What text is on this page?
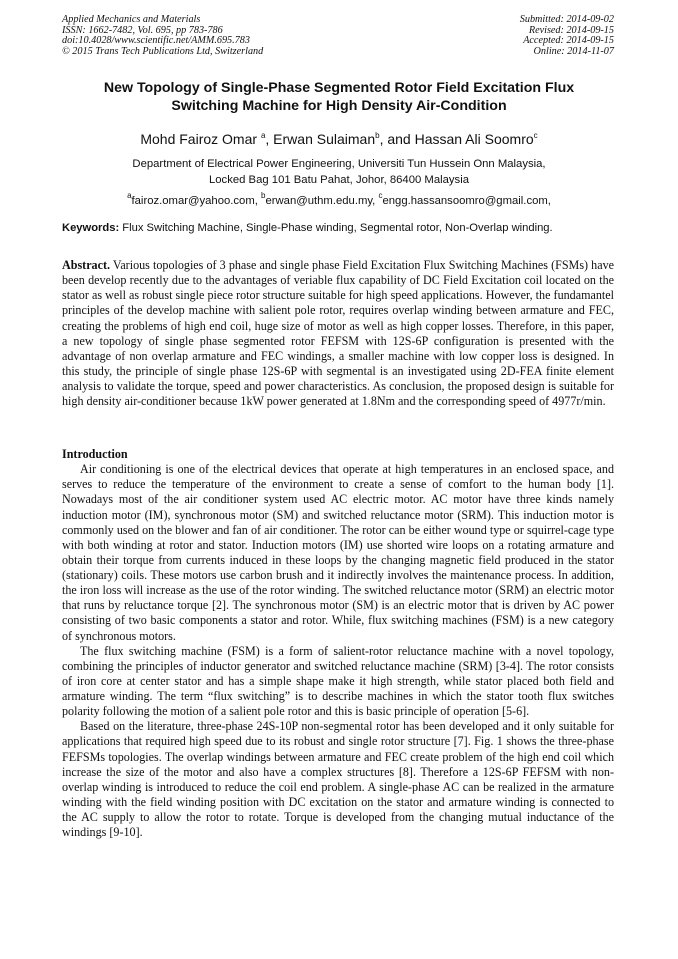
Applied Mechanics and Materials
ISSN: 1662-7482, Vol. 695, pp 783-786
doi:10.4028/www.scientific.net/AMM.695.783
© 2015 Trans Tech Publications Ltd, Switzerland
Submitted: 2014-09-02
Revised: 2014-09-15
Accepted: 2014-09-15
Online: 2014-11-07
New Topology of Single-Phase Segmented Rotor Field Excitation Flux
Switching Machine for High Density Air-Condition
Mohd Fairoz Omar $^a$, Erwan Sulaiman$^b$, and Hassan Ali Soomro$^c$
Department of Electrical Power Engineering, Universiti Tun Hussein Onn Malaysia,
Locked Bag 101 Batu Pahat, Johor, 86400 Malaysia
$^a$fairoz.omar@yahoo.com, $^b$erwan@uthm.edu.my, $^c$engg.hassansoomro@gmail.com,
Keywords: Flux Switching Machine, Single-Phase winding, Segmental rotor, Non-Overlap winding.
Abstract. Various topologies of 3 phase and single phase Field Excitation Flux Switching Machines (FSMs) have been develop recently due to the advantages of veriable flux capability of DC Field Excitation coil located on the stator as well as robust single piece rotor structure suitable for high speed applications. However, the fundamantel principles of the develop machine with salient pole rotor, requires overlap winding between armature and FEC, creating the problems of high end coil, huge size of motor as well as high copper losses. Therefore, in this paper, a new topology of single phase segmented rotor FEFSM with 12S-6P configuration is presented with the advantage of non overlap armature and FEC windings, a smaller machine with low copper loss is designed. In this study, the principle of single phase 12S-6P with segmental is an investigated using 2D-FEA finite element analysis to validate the torque, speed and power characteristics. As conclusion, the proposed design is suitable for high density air-conditioner because 1kW power generated at 1.8Nm and the corresponding speed of 4977r/min.
Introduction

Air conditioning is one of the electrical devices that operate at high temperatures in an enclosed space, and serves to reduce the temperature of the environment to create a sense of comfort to the human body [1]. Nowadays most of the air conditioner system used AC electric motor. AC motor have three kinds namely induction motor (IM), synchronous motor (SM) and switched reluctance motor (SRM). This induction motor is commonly used on the blower and fan of air conditioner. The rotor can be either wound type or squirrel-cage type with both winding at rotor and stator. Induction motors (IM) use shorted wire loops on a rotating armature and obtain their torque from currents induced in these loops by the changing magnetic field produced in the stator (stationary) coils. These motors use carbon brush and it indirectly involves the maintenance process. In addition, the iron loss will increase as the use of the rotor winding. The switched reluctance motor (SRM) an electric motor that runs by reluctance torque [2]. The synchronous motor (SM) is an electric motor that is driven by AC power consisting of two basic components a stator and rotor. While, flux switching machines (FSM) is a new category of synchronous motors.

The flux switching machine (FSM) is a form of salient-rotor reluctance machine with a novel topology, combining the principles of inductor generator and switched reluctance machine (SRM) [3-4]. The rotor consists of iron core at center stator and has a simple shape make it high strength, while stator placed both field and armature winding. The term “flux switching” is to describe machines in which the stator tooth flux switches polarity following the motion of a salient pole rotor and this is basic principle of operation [5-6].

Based on the literature, three-phase 24S-10P non-segmental rotor has been developed and it only suitable for applications that required high speed due to its robust and single rotor structure [7]. Fig. 1 shows the three-phase FEFSMs topologies. The overlap windings between armature and FEC create problem of the high end coil which increase the size of the motor and also have a complex structures [8]. Therefore a 12S-6P FEFSM with non-overlap winding is introduced to reduce the coil end problem. A single-phase AC can be realized in the armature winding with the field winding position with DC excitation on the stator and armature winding is connected to the AC supply to allow the rotor to rotate. Torque is developed from the changing mutual inductance of the windings [9-10].
